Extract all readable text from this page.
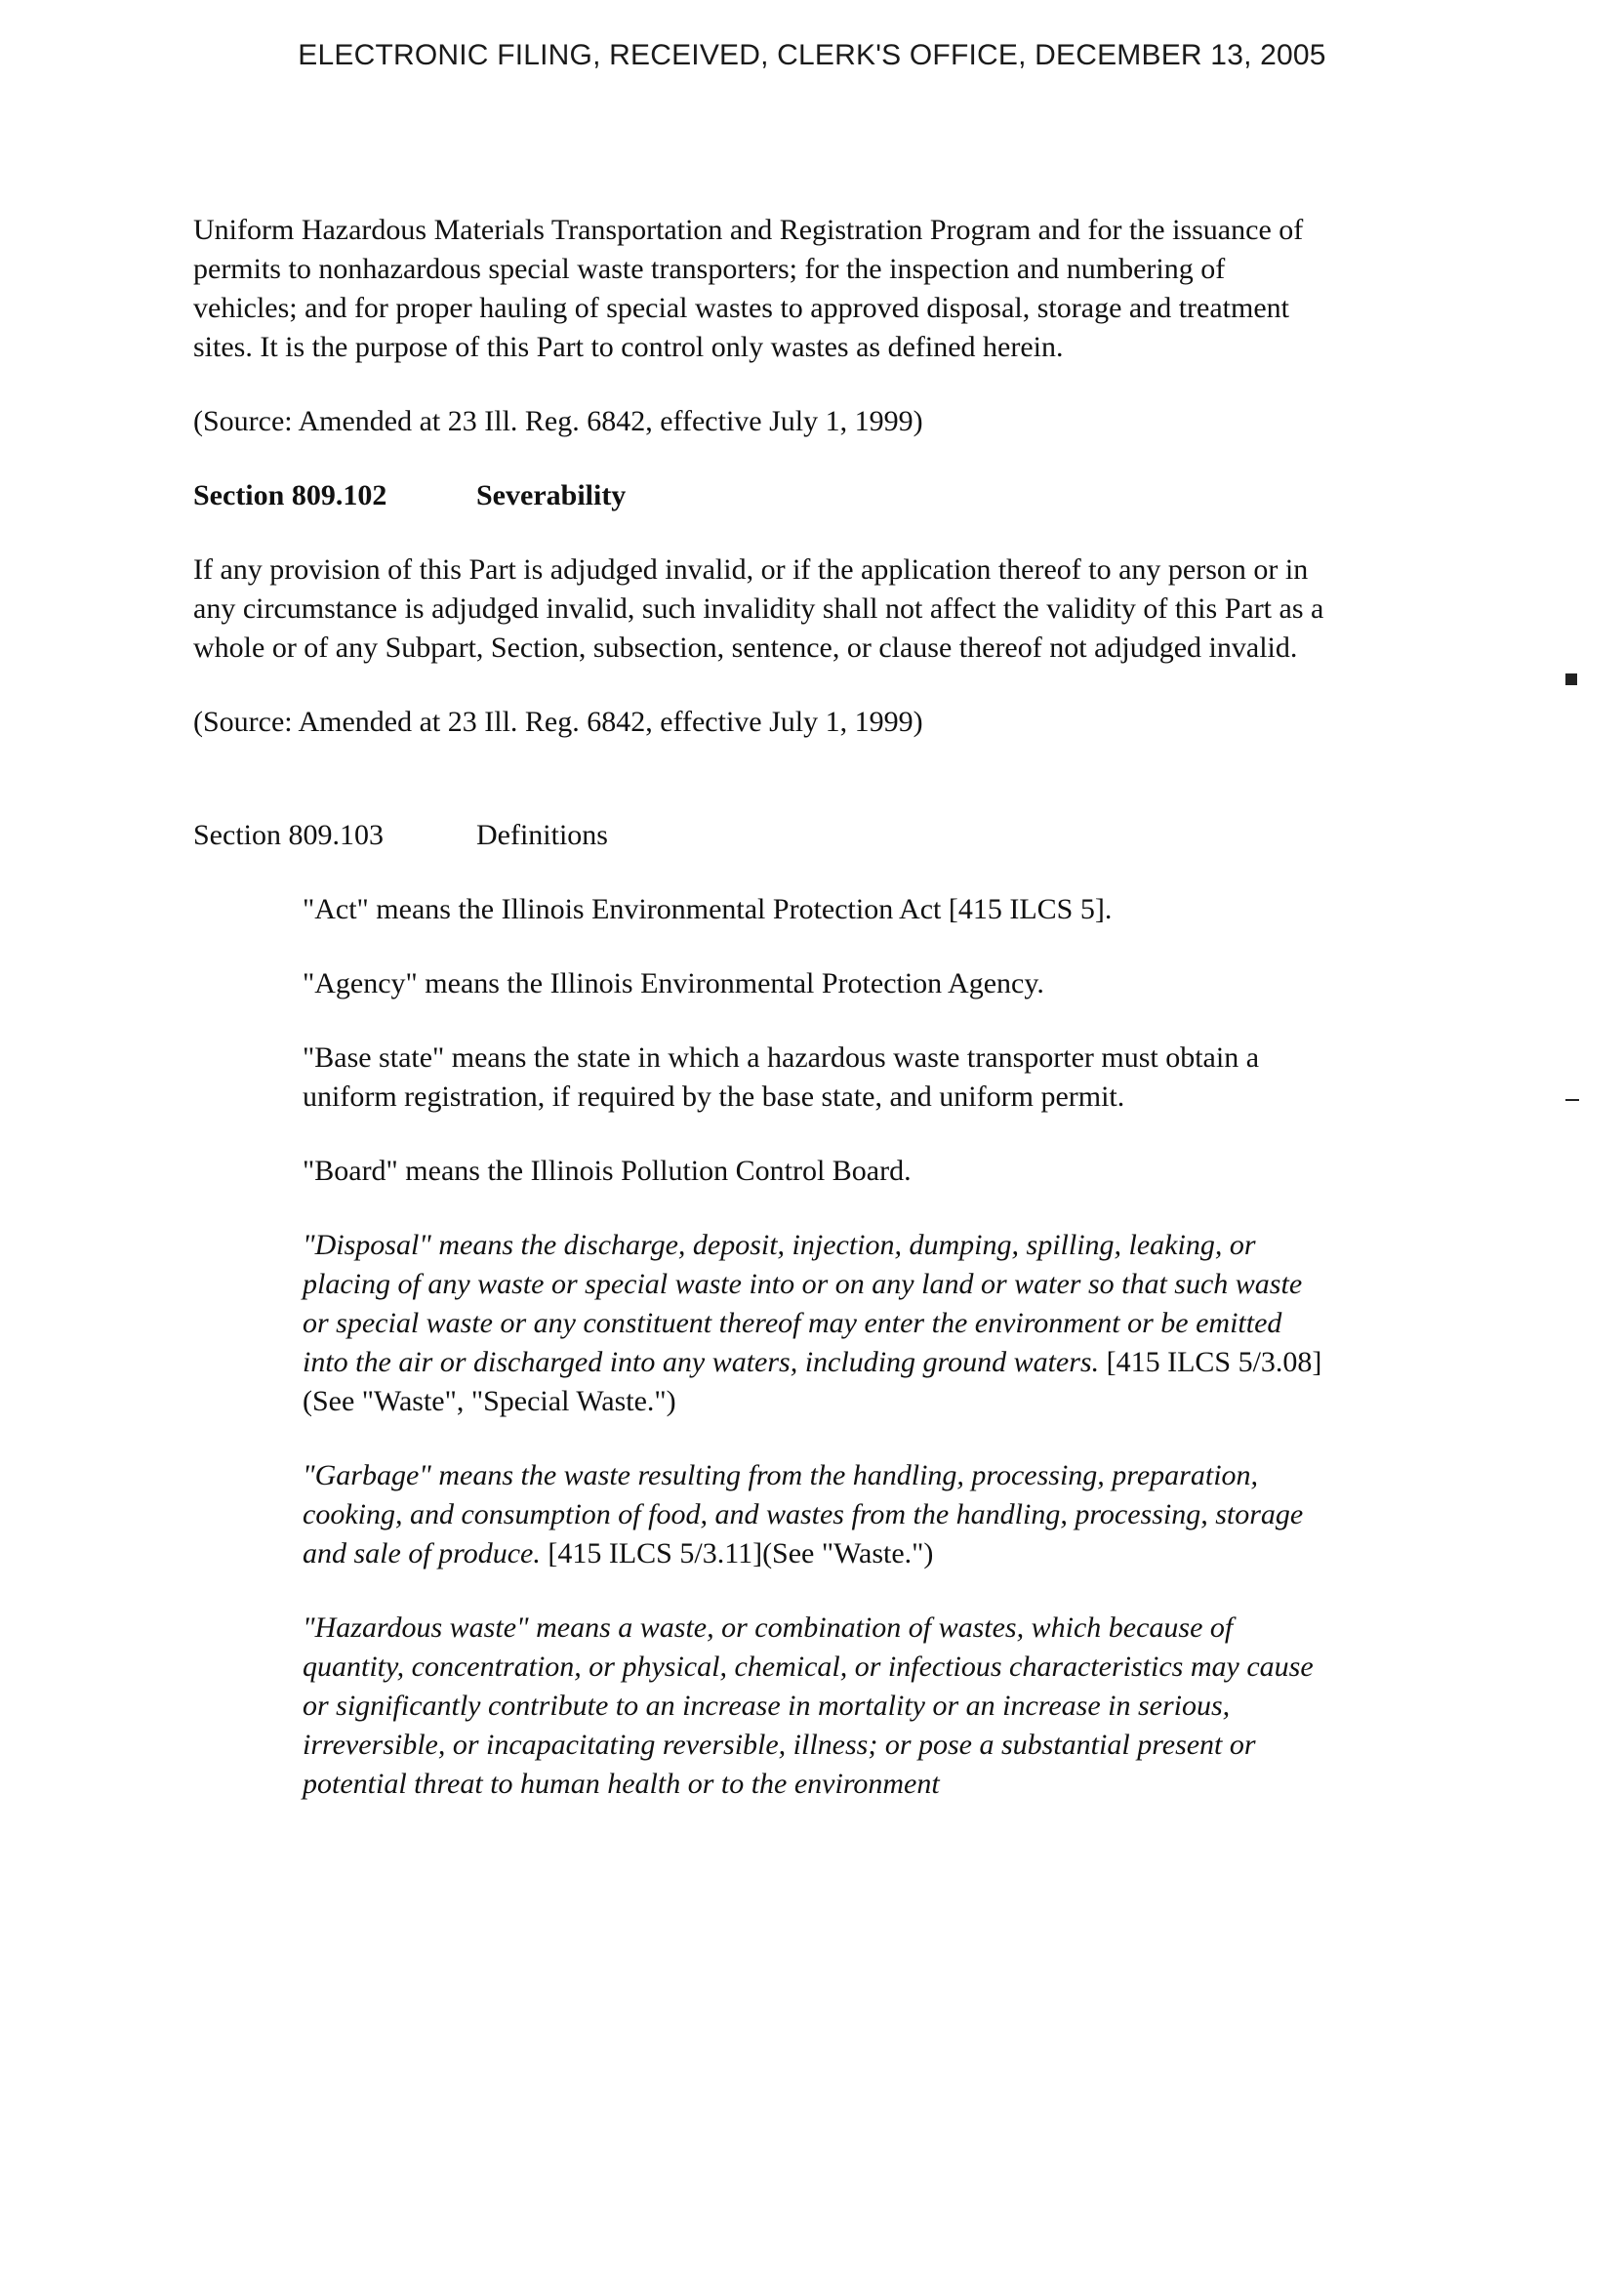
ELECTRONIC FILING, RECEIVED, CLERK'S OFFICE, DECEMBER 13, 2005

Uniform Hazardous Materials Transportation and Registration Program and for the issuance of permits to nonhazardous special waste transporters; for the inspection and numbering of vehicles; and for proper hauling of special wastes to approved disposal, storage and treatment sites. It is the purpose of this Part to control only wastes as defined herein.

(Source: Amended at 23 Ill. Reg. 6842, effective July 1, 1999)

Section 809.102	Severability

If any provision of this Part is adjudged invalid, or if the application thereof to any person or in any circumstance is adjudged invalid, such invalidity shall not affect the validity of this Part as a whole or of any Subpart, Section, subsection, sentence, or clause thereof not adjudged invalid.

(Source: Amended at 23 Ill. Reg. 6842, effective July 1, 1999)

Section 809.103	Definitions

"Act" means the Illinois Environmental Protection Act [415 ILCS 5].

"Agency" means the Illinois Environmental Protection Agency.

"Base state" means the state in which a hazardous waste transporter must obtain a uniform registration, if required by the base state, and uniform permit.

"Board" means the Illinois Pollution Control Board.

"Disposal" means the discharge, deposit, injection, dumping, spilling, leaking, or placing of any waste or special waste into or on any land or water so that such waste or special waste or any constituent thereof may enter the environment or be emitted into the air or discharged into any waters, including ground waters. [415 ILCS 5/3.08](See "Waste", "Special Waste.")

"Garbage" means the waste resulting from the handling, processing, preparation, cooking, and consumption of food, and wastes from the handling, processing, storage and sale of produce. [415 ILCS 5/3.11](See "Waste.")

"Hazardous waste" means a waste, or combination of wastes, which because of quantity, concentration, or physical, chemical, or infectious characteristics may cause or significantly contribute to an increase in mortality or an increase in serious, irreversible, or incapacitating reversible, illness; or pose a substantial present or potential threat to human health or to the environment
